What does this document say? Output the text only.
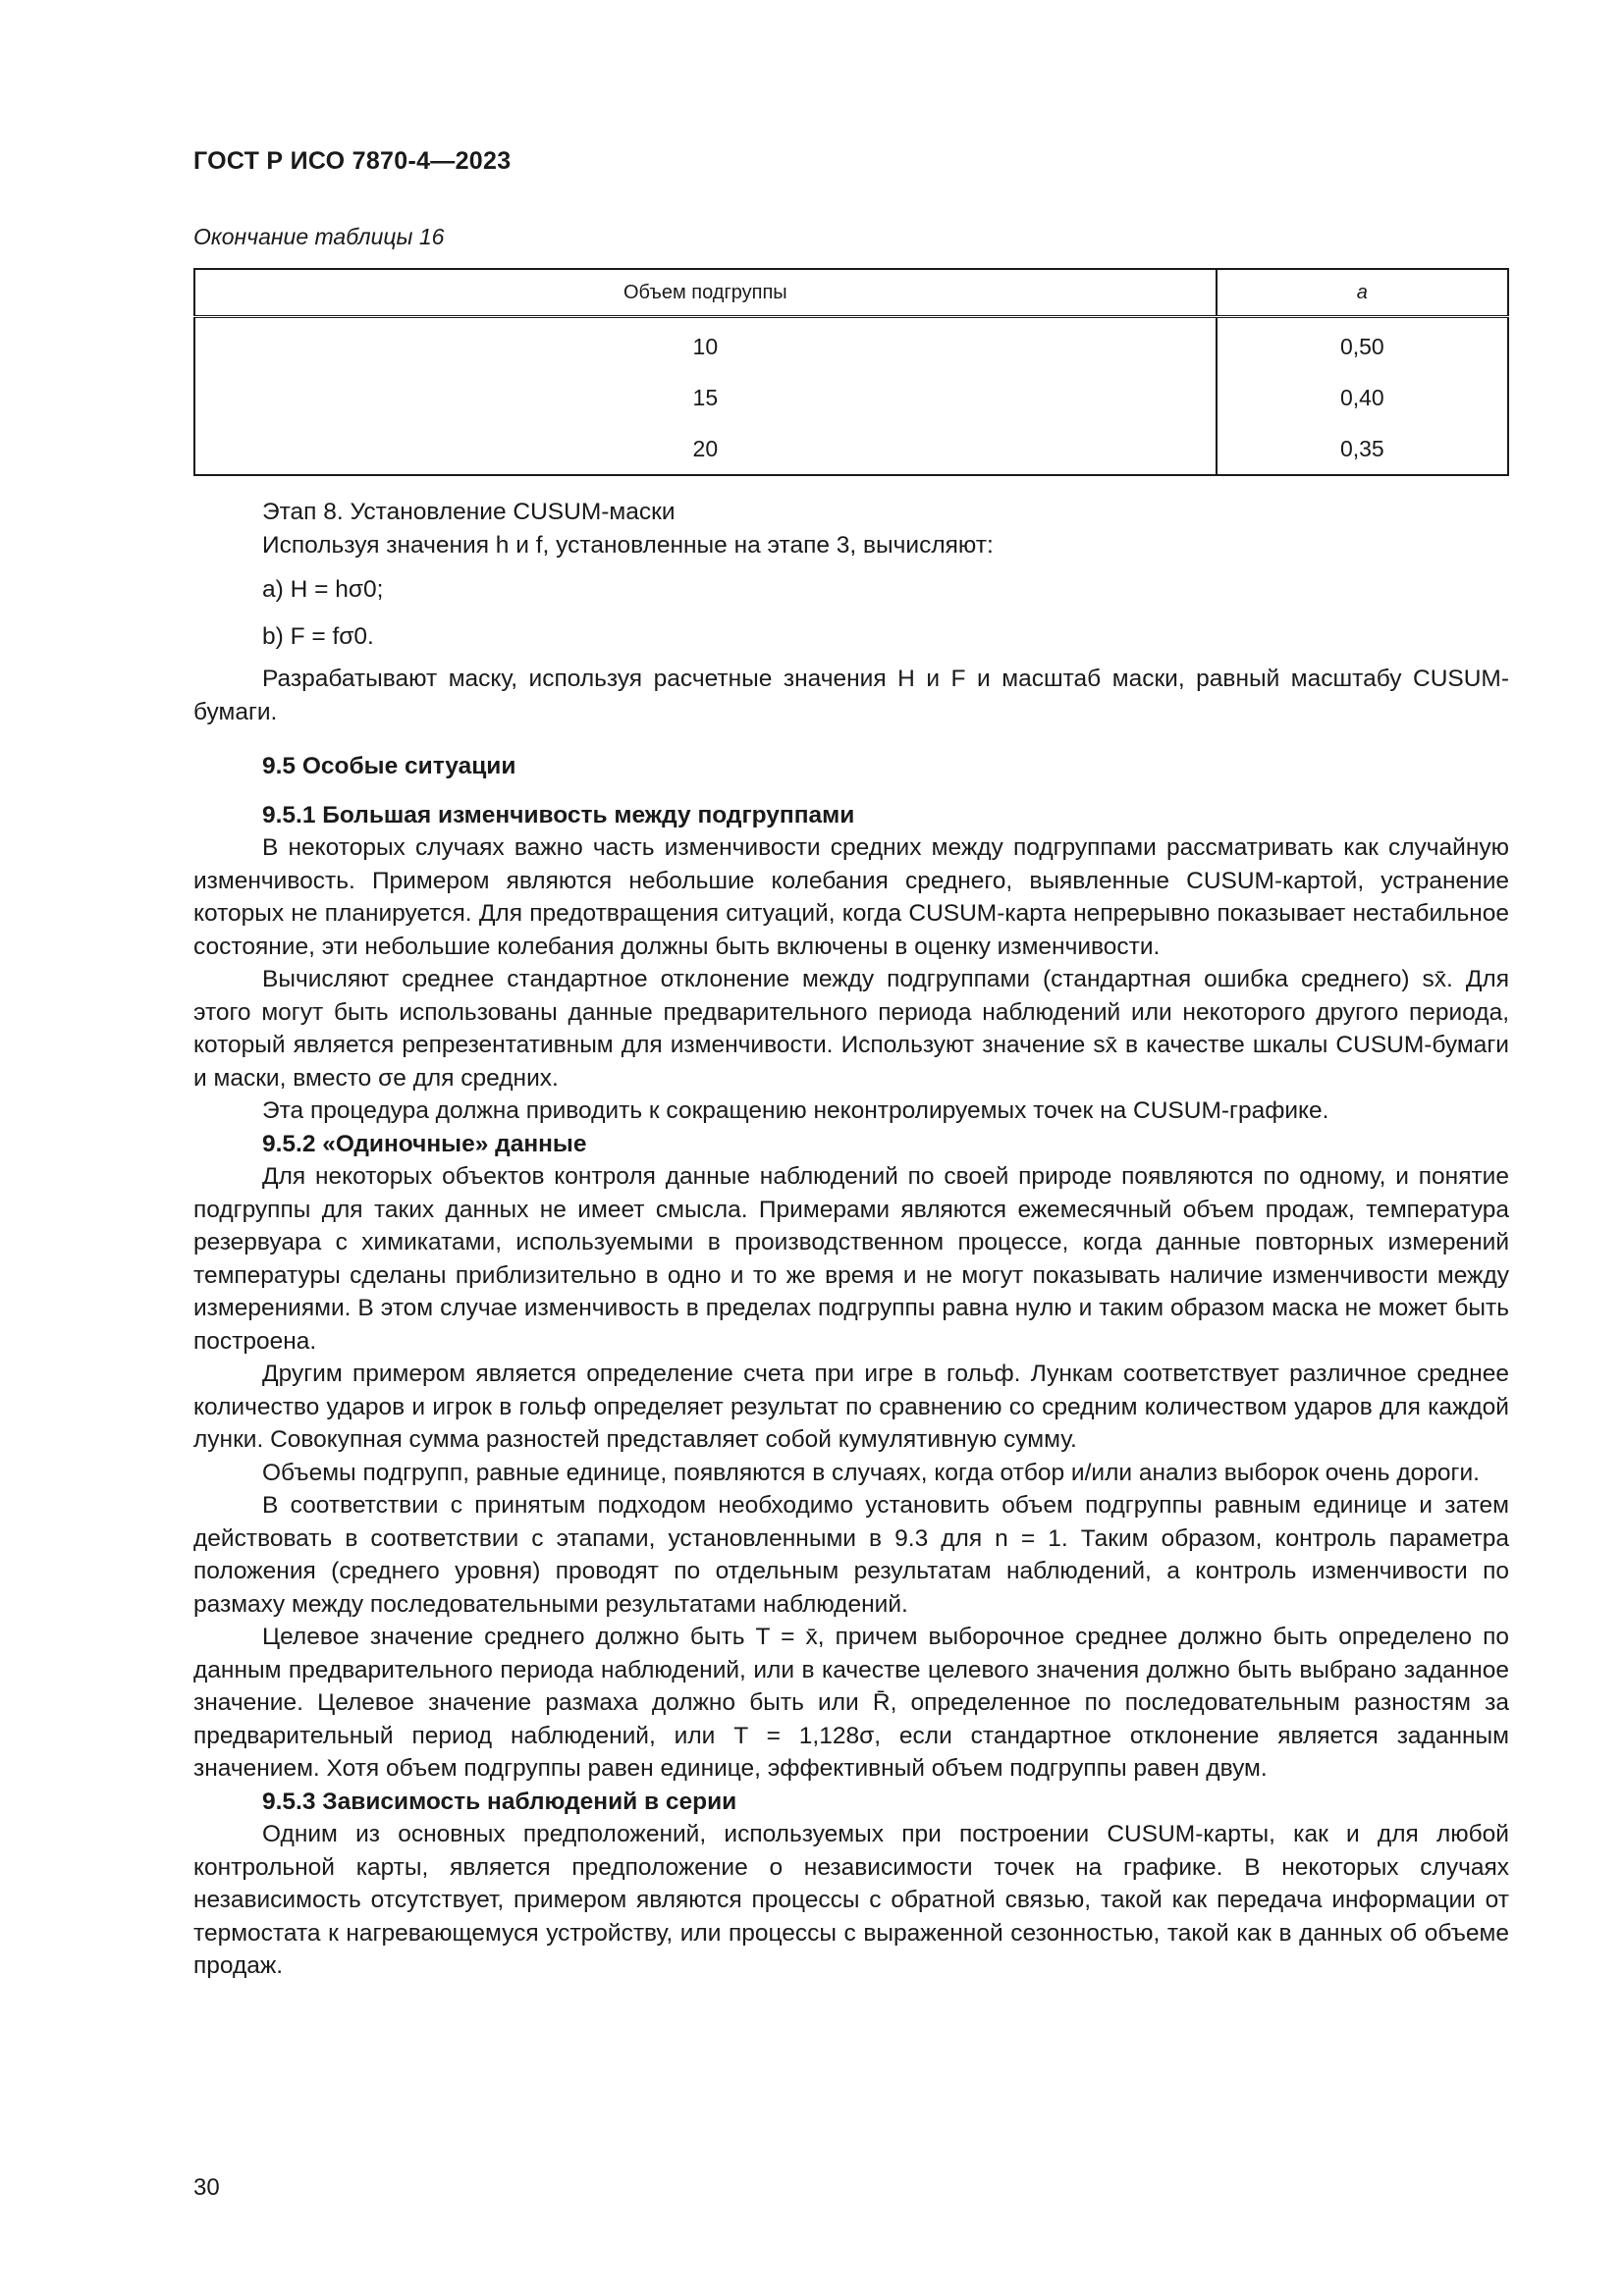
ГОСТ Р ИСО 7870-4—2023
Окончание таблицы 16
Объем подгруппы	a
10	0,50
15	0,40
20	0,35

Этап 8. Установление CUSUM-маски

Используя значения h и f, установленные на этапе 3, вычисляют:

a) H = hσ0;

b) F = fσ0.

Разрабатывают маску, используя расчетные значения H и F и масштаб маски, равный масштабу CUSUM-бумаги.

9.5 Особые ситуации

9.5.1 Большая изменчивость между подгруппами

В некоторых случаях важно часть изменчивости средних между подгруппами рассматривать как случайную изменчивость. Примером являются небольшие колебания среднего, выявленные CUSUM-картой, устранение которых не планируется. Для предотвращения ситуаций, когда CUSUM-карта непрерывно показывает нестабильное состояние, эти небольшие колебания должны быть включены в оценку изменчивости.

Вычисляют среднее стандартное отклонение между подгруппами (стандартная ошибка среднего) sx̄. Для этого могут быть использованы данные предварительного периода наблюдений или некоторого другого периода, который является репрезентативным для изменчивости. Используют значение sx̄ в качестве шкалы CUSUM-бумаги и маски, вместо σe для средних.

Эта процедура должна приводить к сокращению неконтролируемых точек на CUSUM-графике.

9.5.2 «Одиночные» данные

Для некоторых объектов контроля данные наблюдений по своей природе появляются по одному, и понятие подгруппы для таких данных не имеет смысла. Примерами являются ежемесячный объем продаж, температура резервуара с химикатами, используемыми в производственном процессе, когда данные повторных измерений температуры сделаны приблизительно в одно и то же время и не могут показывать наличие изменчивости между измерениями. В этом случае изменчивость в пределах подгруппы равна нулю и таким образом маска не может быть построена.

Другим примером является определение счета при игре в гольф. Лункам соответствует различное среднее количество ударов и игрок в гольф определяет результат по сравнению со средним количеством ударов для каждой лунки. Совокупная сумма разностей представляет собой кумулятивную сумму.

Объемы подгрупп, равные единице, появляются в случаях, когда отбор и/или анализ выборок очень дороги.

В соответствии с принятым подходом необходимо установить объем подгруппы равным единице и затем действовать в соответствии с этапами, установленными в 9.3 для n = 1. Таким образом, контроль параметра положения (среднего уровня) проводят по отдельным результатам наблюдений, а контроль изменчивости по размаху между последовательными результатами наблюдений.

Целевое значение среднего должно быть T = x̄, причем выборочное среднее должно быть определено по данным предварительного периода наблюдений, или в качестве целевого значения должно быть выбрано заданное значение. Целевое значение размаха должно быть или R̄, определенное по последовательным разностям за предварительный период наблюдений, или T = 1,128σ, если стандартное отклонение является заданным значением. Хотя объем подгруппы равен единице, эффективный объем подгруппы равен двум.

9.5.3 Зависимость наблюдений в серии

Одним из основных предположений, используемых при построении CUSUM-карты, как и для любой контрольной карты, является предположение о независимости точек на графике. В некоторых случаях независимость отсутствует, примером являются процессы с обратной связью, такой как передача информации от термостата к нагревающемуся устройству, или процессы с выраженной сезонностью, такой как в данных об объеме продаж.

30
